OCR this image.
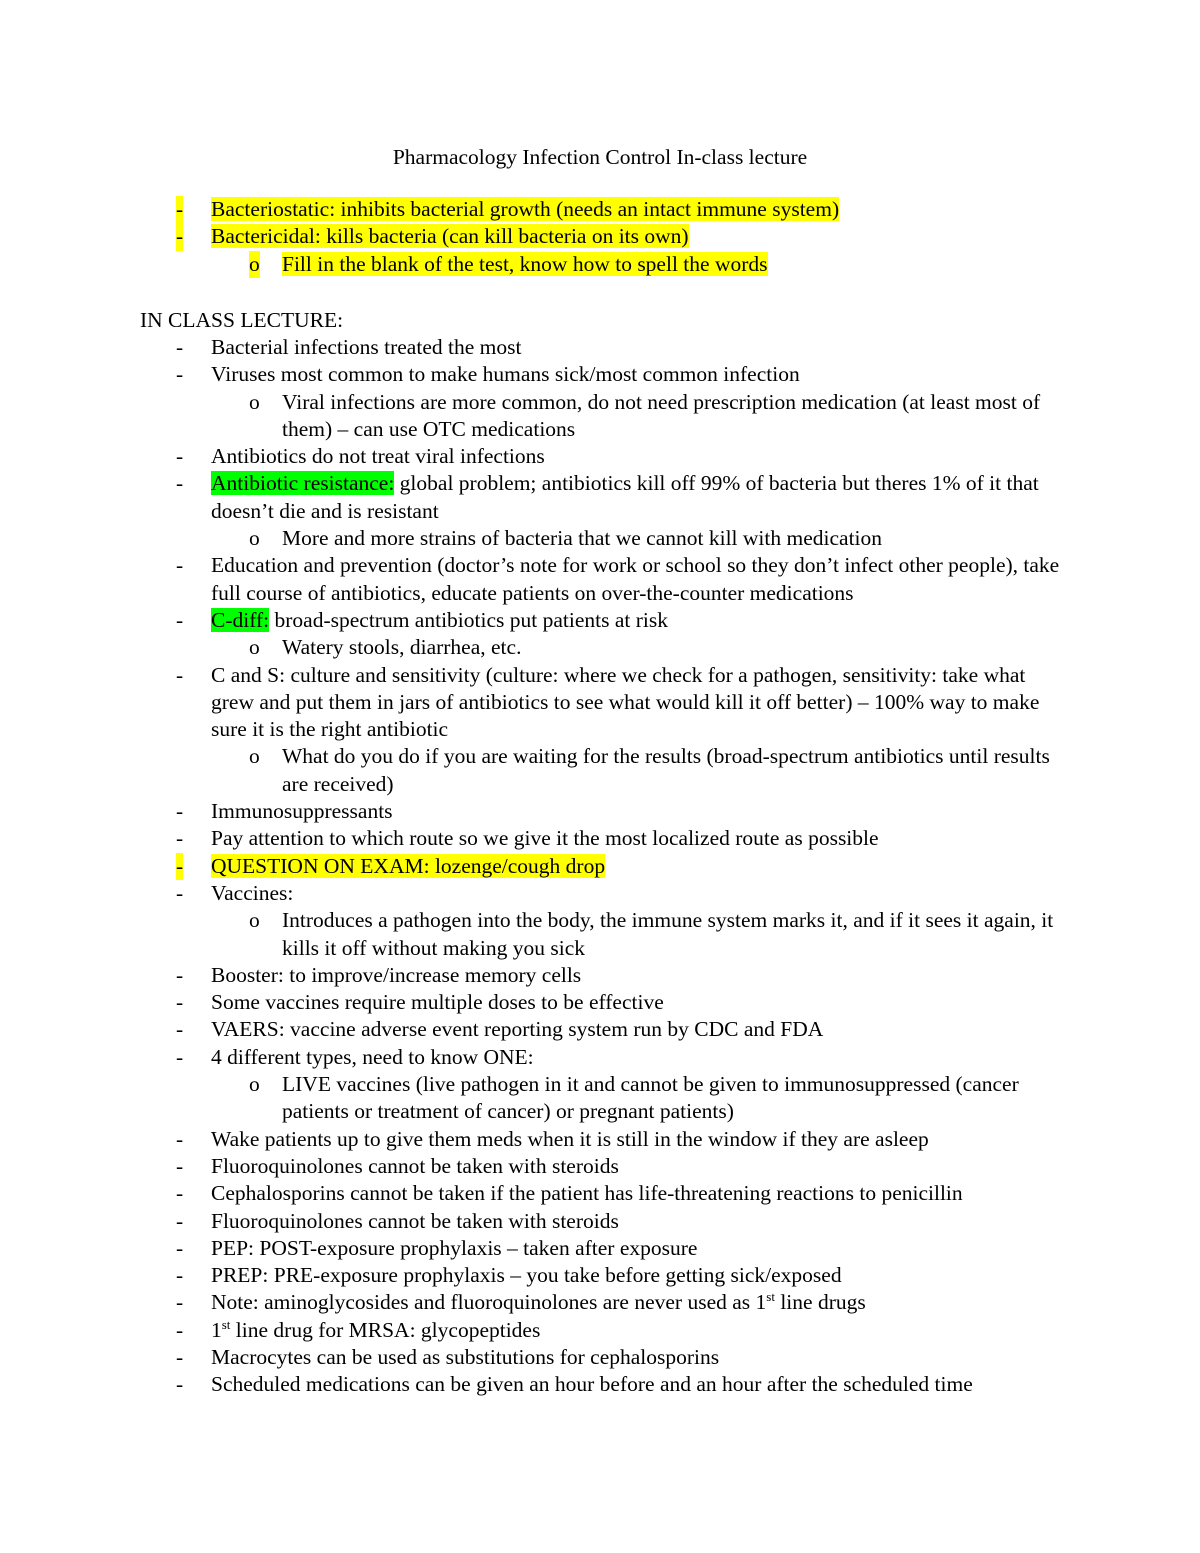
Pharmacology Infection Control In-class lecture
- Bacteriostatic: inhibits bacterial growth (needs an intact immune system)
- Bactericidal: kills bacteria (can kill bacteria on its own)
o Fill in the blank of the test, know how to spell the words
IN CLASS LECTURE:
- Bacterial infections treated the most
- Viruses most common to make humans sick/most common infection
o Viral infections are more common, do not need prescription medication (at least most of them) – can use OTC medications
- Antibiotics do not treat viral infections
- Antibiotic resistance: global problem; antibiotics kill off 99% of bacteria but theres 1% of it that doesn’t die and is resistant
o More and more strains of bacteria that we cannot kill with medication
- Education and prevention (doctor’s note for work or school so they don’t infect other people), take full course of antibiotics, educate patients on over-the-counter medications
- C-diff: broad-spectrum antibiotics put patients at risk
o Watery stools, diarrhea, etc.
- C and S: culture and sensitivity (culture: where we check for a pathogen, sensitivity: take what grew and put them in jars of antibiotics to see what would kill it off better) – 100% way to make sure it is the right antibiotic
o What do you do if you are waiting for the results (broad-spectrum antibiotics until results are received)
- Immunosuppressants
- Pay attention to which route so we give it the most localized route as possible
- QUESTION ON EXAM: lozenge/cough drop
- Vaccines:
o Introduces a pathogen into the body, the immune system marks it, and if it sees it again, it kills it off without making you sick
- Booster: to improve/increase memory cells
- Some vaccines require multiple doses to be effective
- VAERS: vaccine adverse event reporting system run by CDC and FDA
- 4 different types, need to know ONE:
o LIVE vaccines (live pathogen in it and cannot be given to immunosuppressed (cancer patients or treatment of cancer) or pregnant patients)
- Wake patients up to give them meds when it is still in the window if they are asleep
- Fluoroquinolones cannot be taken with steroids
- Cephalosporins cannot be taken if the patient has life-threatening reactions to penicillin
- Fluoroquinolones cannot be taken with steroids
- PEP: POST-exposure prophylaxis – taken after exposure
- PREP: PRE-exposure prophylaxis – you take before getting sick/exposed
- Note: aminoglycosides and fluoroquinolones are never used as 1st line drugs
- 1st line drug for MRSA: glycopeptides
- Macrocytes can be used as substitutions for cephalosporins
- Scheduled medications can be given an hour before and an hour after the scheduled time
